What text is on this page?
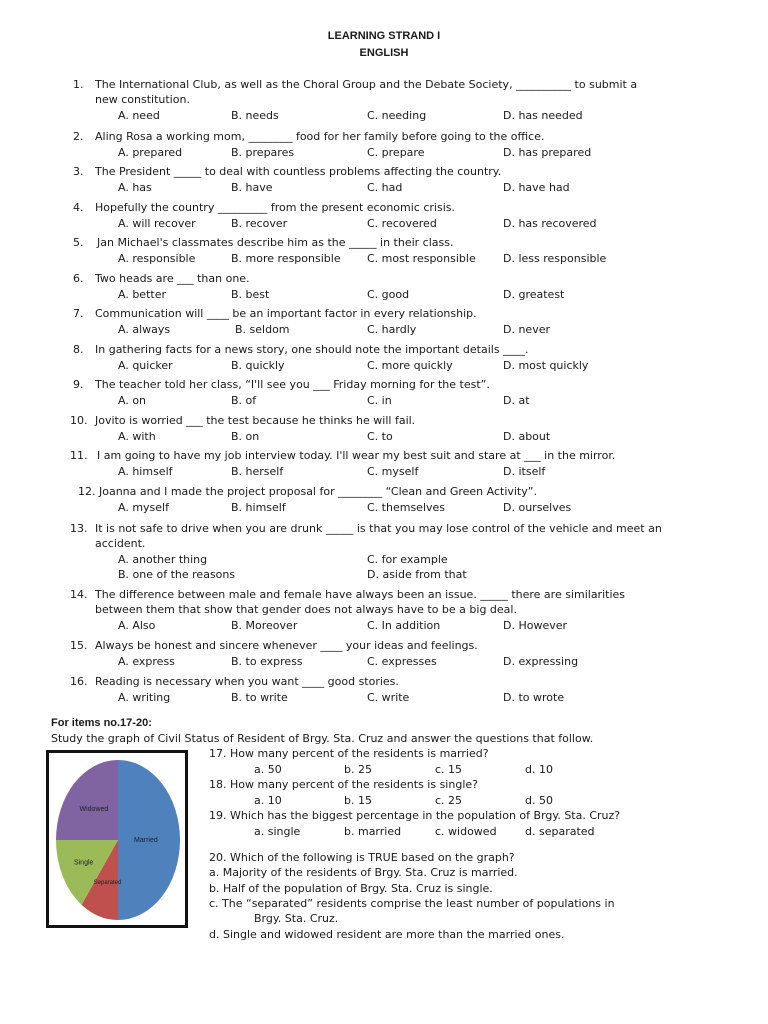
LEARNING STRAND I
ENGLISH
1. The International Club, as well as the Choral Group and the Debate Society, __________ to submit a
new constitution.
A. need	B. needs	C. needing	D. has needed
2. Aling Rosa a working mom, ________ food for her family before going to the office.
A. prepared	B. prepares	C. prepare	D. has prepared
3. The President _____ to deal with countless problems affecting the country.
A. has	B. have	C. had	D. have had
4. Hopefully the country _________ from the present economic crisis.
A. will recover	B. recover	C. recovered	D. has recovered
5. Jan Michael's classmates describe him as the _____ in their class.
A. responsible	B. more responsible C. most responsible D. less responsible
6. Two heads are ___ than one.
A. better	B. best	C. good	D. greatest
7. Communication will ____ be an important factor in every relationship.
A. always	B. seldom	C. hardly	D. never
8. In gathering facts for a news story, one should note the important details ____.
A. quicker	B. quickly	C. more quickly	D. most quickly
9. The teacher told her class, “I'll see you ___ Friday morning for the test”.
A. on	B. of	C. in	D. at
10. Jovito is worried ___ the test because he thinks he will fail.
A. with	B. on	C. to	D. about
11. I am going to have my job interview today. I'll wear my best suit and stare at ___ in the mirror.
A. himself	B. herself	C. myself	D. itself
12. Joanna and I made the project proposal for ________ “Clean and Green Activity”.
A. myself	B. himself	C. themselves	D. ourselves
13. It is not safe to drive when you are drunk _____ is that you may lose control of the vehicle and meet an
accident.
A. another thing	C. for example
B. one of the reasons	D. aside from that
14. The difference between male and female have always been an issue. _____ there are similarities
between them that show that gender does not always have to be a big deal.
A. Also	B. Moreover	C. In addition	D. However
15. Always be honest and sincere whenever ____ your ideas and feelings.
A. express	B. to express	C. expresses	D. expressing
16. Reading is necessary when you want ____ good stories.
A. writing	B. to write	C. write	D. to wrote
For items no.17-20:
Study the graph of Civil Status of Resident of Brgy. Sta. Cruz and answer the questions that follow.
Married
Separated
Single
Widowed
17. How many percent of the residents is married?
a. 50	b. 25	c. 15	d. 10
18. How many percent of the residents is single?
a. 10	b. 15	c. 25	d. 50
19. Which has the biggest percentage in the population of Brgy. Sta. Cruz?
a. single	b. married	c. widowed	d. separated
20. Which of the following is TRUE based on the graph?
a. Majority of the residents of Brgy. Sta. Cruz is married.
b. Half of the population of Brgy. Sta. Cruz is single.
c. The “separated” residents comprise the least number of populations in
Brgy. Sta. Cruz.
d. Single and widowed resident are more than the married ones.
